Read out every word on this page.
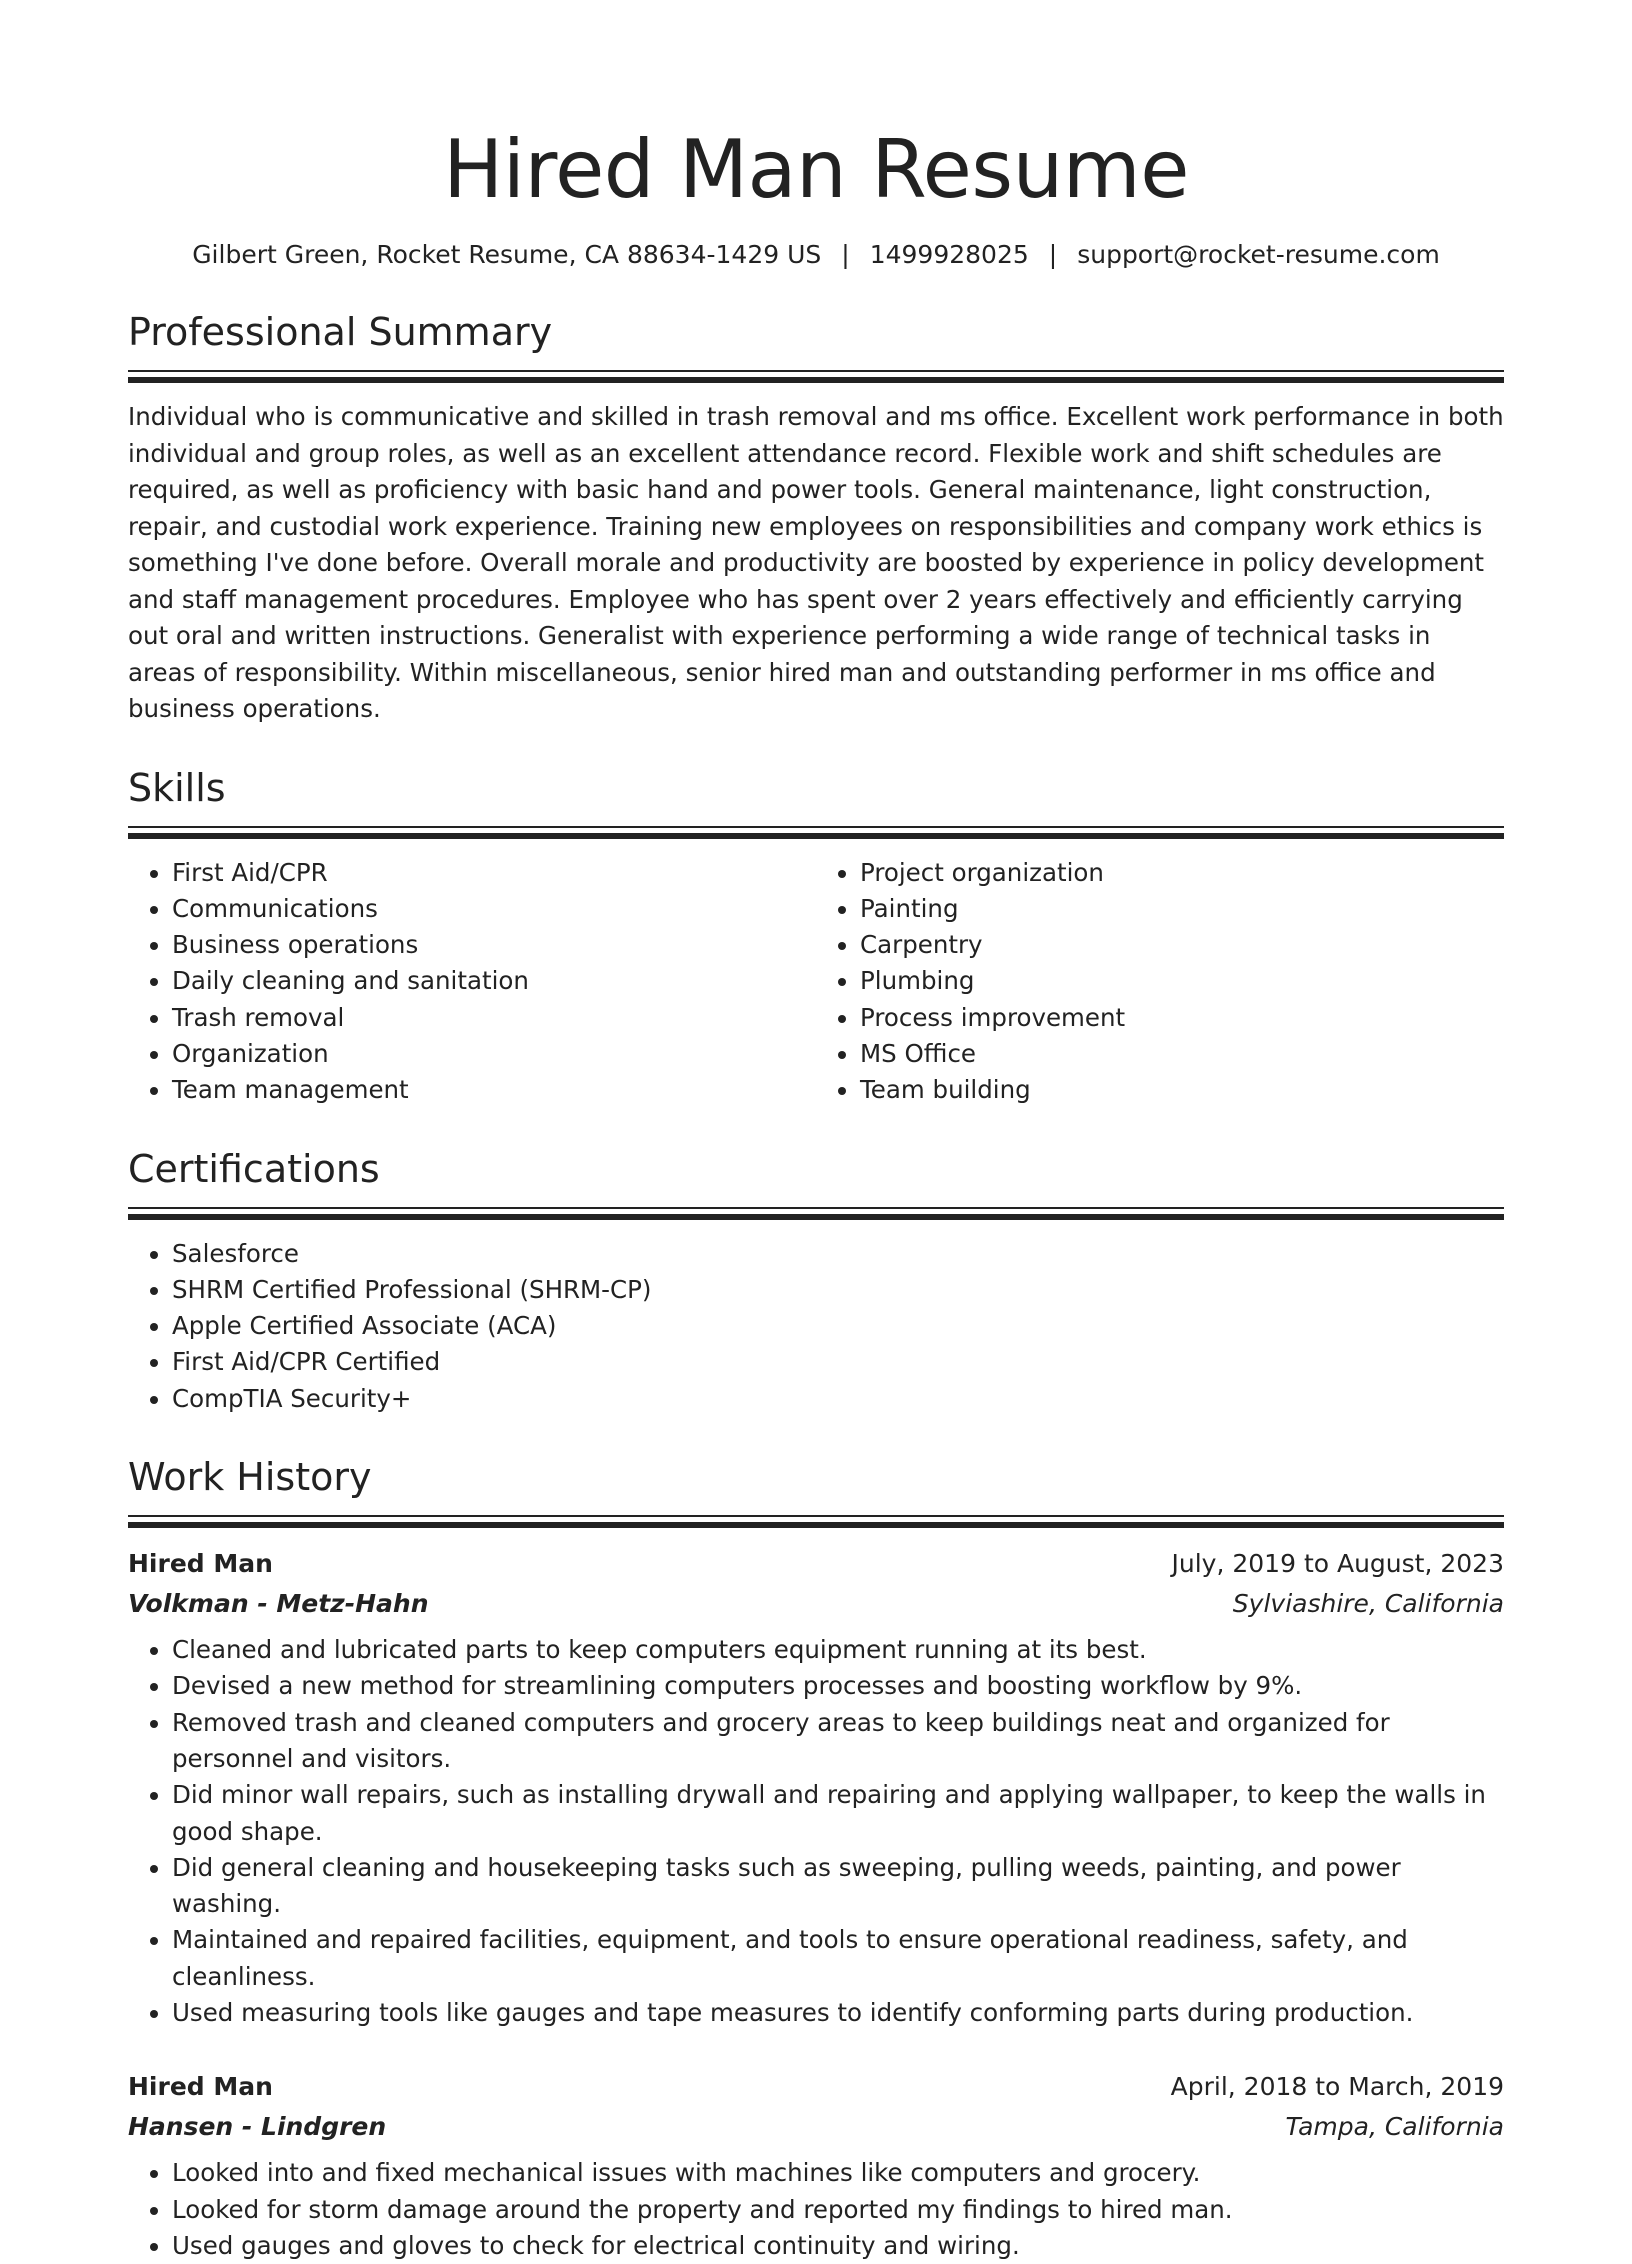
Hired Man Resume
Gilbert Green, Rocket Resume, CA 88634-1429 US | 1499928025 | support@rocket-resume.com
Professional Summary

Individual who is communicative and skilled in trash removal and ms office. Excellent work performance in both individual and group roles, as well as an excellent attendance record. Flexible work and shift schedules are required, as well as proficiency with basic hand and power tools. General maintenance, light construction, repair, and custodial work experience. Training new employees on responsibilities and company work ethics is something I've done before. Overall morale and productivity are boosted by experience in policy development and staff management procedures. Employee who has spent over 2 years effectively and efficiently carrying out oral and written instructions. Generalist with experience performing a wide range of technical tasks in areas of responsibility. Within miscellaneous, senior hired man and outstanding performer in ms office and business operations.

Skills
• First Aid/CPR
• Communications
• Business operations
• Daily cleaning and sanitation
• Trash removal
• Organization
• Team management
• Project organization
• Painting
• Carpentry
• Plumbing
• Process improvement
• MS Office
• Team building
Certifications
• Salesforce
• SHRM Certified Professional (SHRM-CP)
• Apple Certified Associate (ACA)
• First Aid/CPR Certified
• CompTIA Security+
Work History
Hired Man	July, 2019 to August, 2023
Volkman - Metz-Hahn	Sylviashire, California
• Cleaned and lubricated parts to keep computers equipment running at its best.
• Devised a new method for streamlining computers processes and boosting workflow by 9%.
• Removed trash and cleaned computers and grocery areas to keep buildings neat and organized for personnel and visitors.
• Did minor wall repairs, such as installing drywall and repairing and applying wallpaper, to keep the walls in good shape.
• Did general cleaning and housekeeping tasks such as sweeping, pulling weeds, painting, and power washing.
• Maintained and repaired facilities, equipment, and tools to ensure operational readiness, safety, and cleanliness.
• Used measuring tools like gauges and tape measures to identify conforming parts during production.
Hired Man	April, 2018 to March, 2019
Hansen - Lindgren	Tampa, California
• Looked into and fixed mechanical issues with machines like computers and grocery.
• Looked for storm damage around the property and reported my findings to hired man.
• Used gauges and gloves to check for electrical continuity and wiring.
